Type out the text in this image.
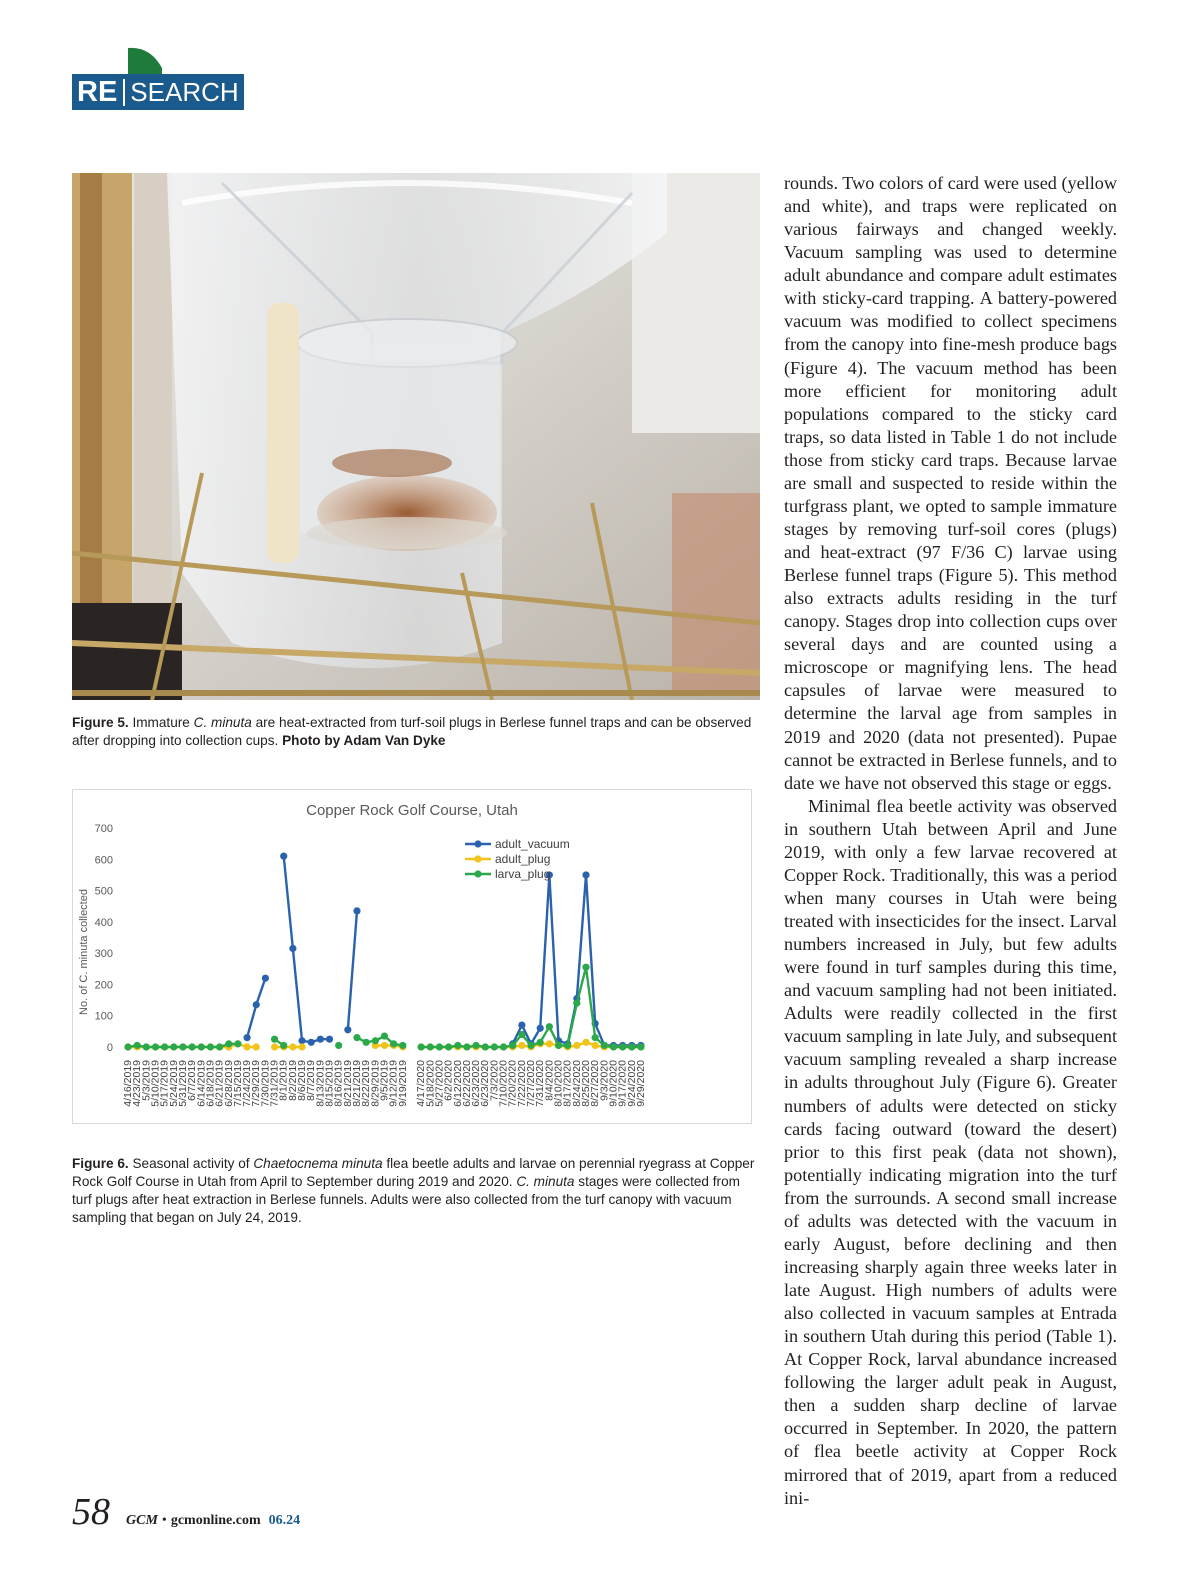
RE SEARCH
Figure 5. Immature C. minuta are heat-extracted from turf-soil plugs in Berlese funnel traps and can be observed after dropping into collection cups. Photo by Adam Van Dyke
Copper Rock Golf Course, Utah
No. of C. minuta collected
0
100
200
300
400
500
600
700
4/16/2019
4/23/2019
5/3/2019
5/10/2019
5/17/2019
5/24/2019
5/31/2019
6/7/2019
6/14/2019
6/18/2019
6/21/2019
6/28/2019
7/15/2019
7/24/2019
7/29/2019
7/30/2019
7/31/2019
8/1/2019
8/2/2019
8/6/2019
8/7/2019
8/13/2019
8/15/2019
8/16/2019
8/21/2019
8/21/2019
8/22/2019
8/29/2019
9/5/2019
9/12/2019
9/19/2019 4/17/2020
5/18/2020
5/27/2020
6/2/2020
6/12/2020
6/22/2020
6/23/2020
6/23/2020
7/3/2020
7/10/2020
7/20/2020
7/22/2020
7/27/2020
7/31/2020
8/4/2020
8/10/2020
8/17/2020
8/24/2020
8/25/2020
8/27/2020
9/3/2020
9/10/2020
9/17/2020
9/24/2020
9/29/2020
adult_vacuum
adult_plug
larva_plug
Figure 6. Seasonal activity of Chaetocnema minuta flea beetle adults and larvae on perennial ryegrass at Copper Rock Golf Course in Utah from April to September during 2019 and 2020. C. minuta stages were collected from turf plugs after heat extraction in Berlese funnels. Adults were also collected from the turf canopy with vacuum sampling that began on July 24, 2019.

rounds. Two colors of card were used (yellow and white), and traps were replicated on various fairways and changed weekly. Vacuum sampling was used to determine adult abundance and compare adult estimates with sticky-card trapping. A battery-powered vacuum was modified to collect specimens from the canopy into fine-mesh produce bags (Figure 4). The vacuum method has been more efficient for monitoring adult populations compared to the sticky card traps, so data listed in Table 1 do not include those from sticky card traps. Because larvae are small and suspected to reside within the turfgrass plant, we opted to sample immature stages by removing turf-soil cores (plugs) and heat-extract (97 F/36 C) larvae using Berlese funnel traps (Figure 5). This method also extracts adults residing in the turf canopy. Stages drop into collection cups over several days and are counted using a microscope or magnifying lens. The head capsules of larvae were measured to determine the larval age from samples in 2019 and 2020 (data not presented). Pupae cannot be extracted in Berlese funnels, and to date we have not observed this stage or eggs.

Minimal flea beetle activity was observed in southern Utah between April and June 2019, with only a few larvae recovered at Copper Rock. Traditionally, this was a period when many courses in Utah were being treated with insecticides for the insect. Larval numbers increased in July, but few adults were found in turf samples during this time, and vacuum sampling had not been initiated. Adults were readily collected in the first vacuum sampling in late July, and subsequent vacuum sampling revealed a sharp increase in adults throughout July (Figure 6). Greater numbers of adults were detected on sticky cards facing outward (toward the desert) prior to this first peak (data not shown), potentially indicating migration into the turf from the surrounds. A second small increase of adults was detected with the vacuum in early August, before declining and then increasing sharply again three weeks later in late August. High numbers of adults were also collected in vacuum samples at Entrada in southern Utah during this period (Table 1). At Copper Rock, larval abundance increased following the larger adult peak in August, then a sudden sharp decline of larvae occurred in September. In 2020, the pattern of flea beetle activity at Copper Rock mirrored that of 2019, apart from a reduced ini-

58 GCM • gcmonline.com 06.24
